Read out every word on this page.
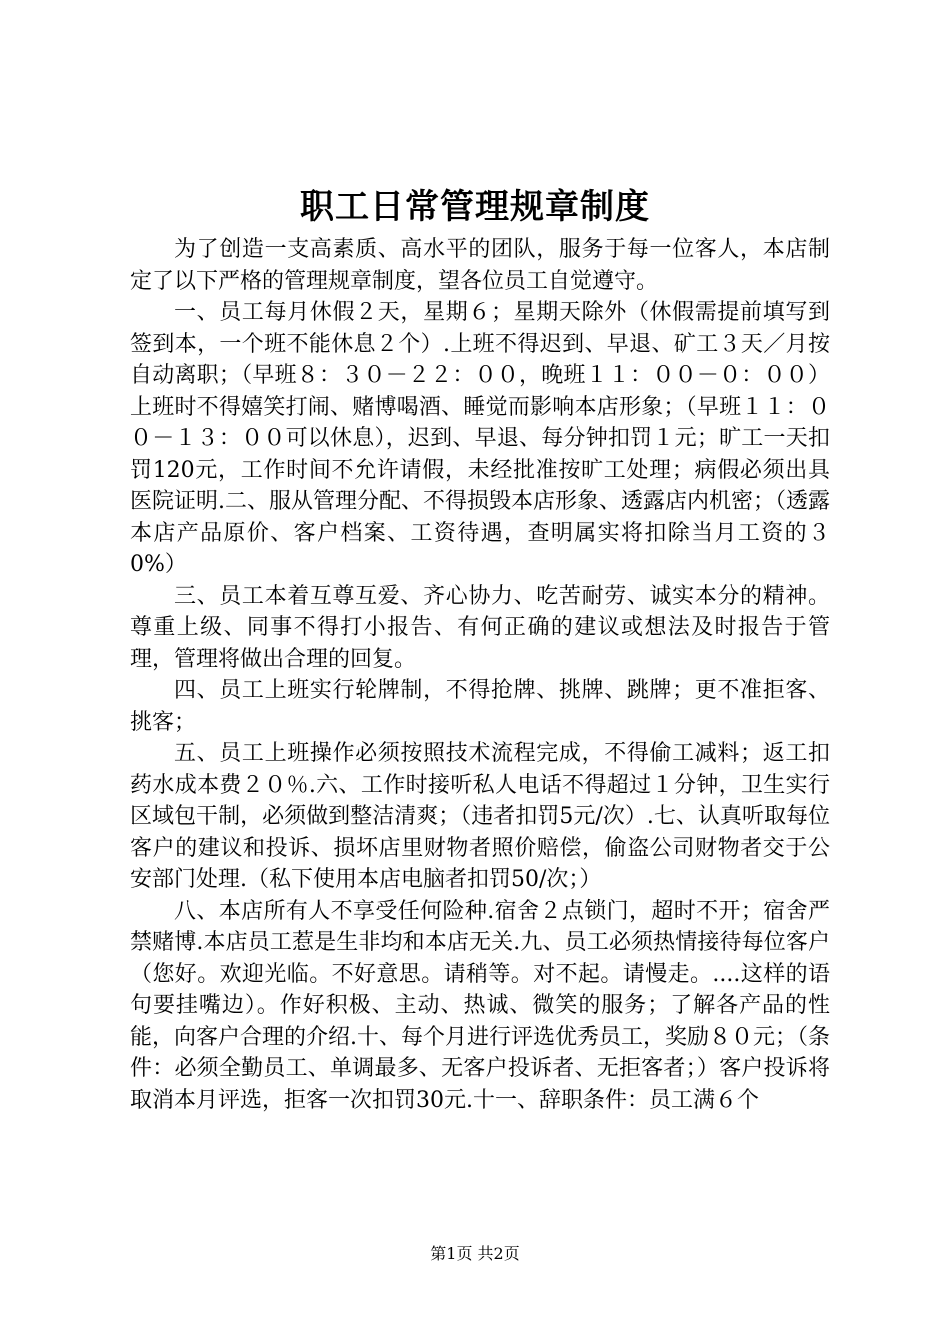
职工日常管理规章制度

为了创造一支高素质、高水平的团队，服务于每一位客人，本店制定了以下严格的管理规章制度，望各位员工自觉遵守。

一、员工每月休假２天，星期６；星期天除外（休假需提前填写到签到本，一个班不能休息２个）.上班不得迟到、早退、矿工３天／月按自动离职；（早班８：３０－２２：００，晚班１１：００－０：００）上班时不得嬉笑打闹、赌博喝酒、睡觉而影响本店形象；（早班１１：００－１３：００可以休息），迟到、早退、每分钟扣罚１元；旷工一天扣罚120元，工作时间不允许请假，未经批准按旷工处理；病假必须出具医院证明.二、服从管理分配、不得损毁本店形象、透露店内机密；（透露本店产品原价、客户档案、工资待遇，查明属实将扣除当月工资的３0%）

三、员工本着互尊互爱、齐心协力、吃苦耐劳、诚实本分的精神。尊重上级、同事不得打小报告、有何正确的建议或想法及时报告于管理，管理将做出合理的回复。

四、员工上班实行轮牌制，不得抢牌、挑牌、跳牌；更不准拒客、挑客；

五、员工上班操作必须按照技术流程完成，不得偷工减料；返工扣药水成本费２０％.六、工作时接听私人电话不得超过１分钟，卫生实行区域包干制，必须做到整洁清爽；（违者扣罚5元/次）.七、认真听取每位客户的建议和投诉、损坏店里财物者照价赔偿，偷盗公司财物者交于公安部门处理.（私下使用本店电脑者扣罚50/次；）

八、本店所有人不享受任何险种.宿舍２点锁门，超时不开；宿舍严禁赌博.本店员工惹是生非均和本店无关.九、员工必须热情接待每位客户（您好。欢迎光临。不好意思。请稍等。对不起。请慢走。....这样的语句要挂嘴边）。作好积极、主动、热诚、微笑的服务；了解各产品的性能，向客户合理的介绍.十、每个月进行评选优秀员工，奖励８０元；（条件：必须全勤员工、单调最多、无客户投诉者、无拒客者；）客户投诉将取消本月评选，拒客一次扣罚30元.十一、辞职条件：员工满６个

第1页 共2页
